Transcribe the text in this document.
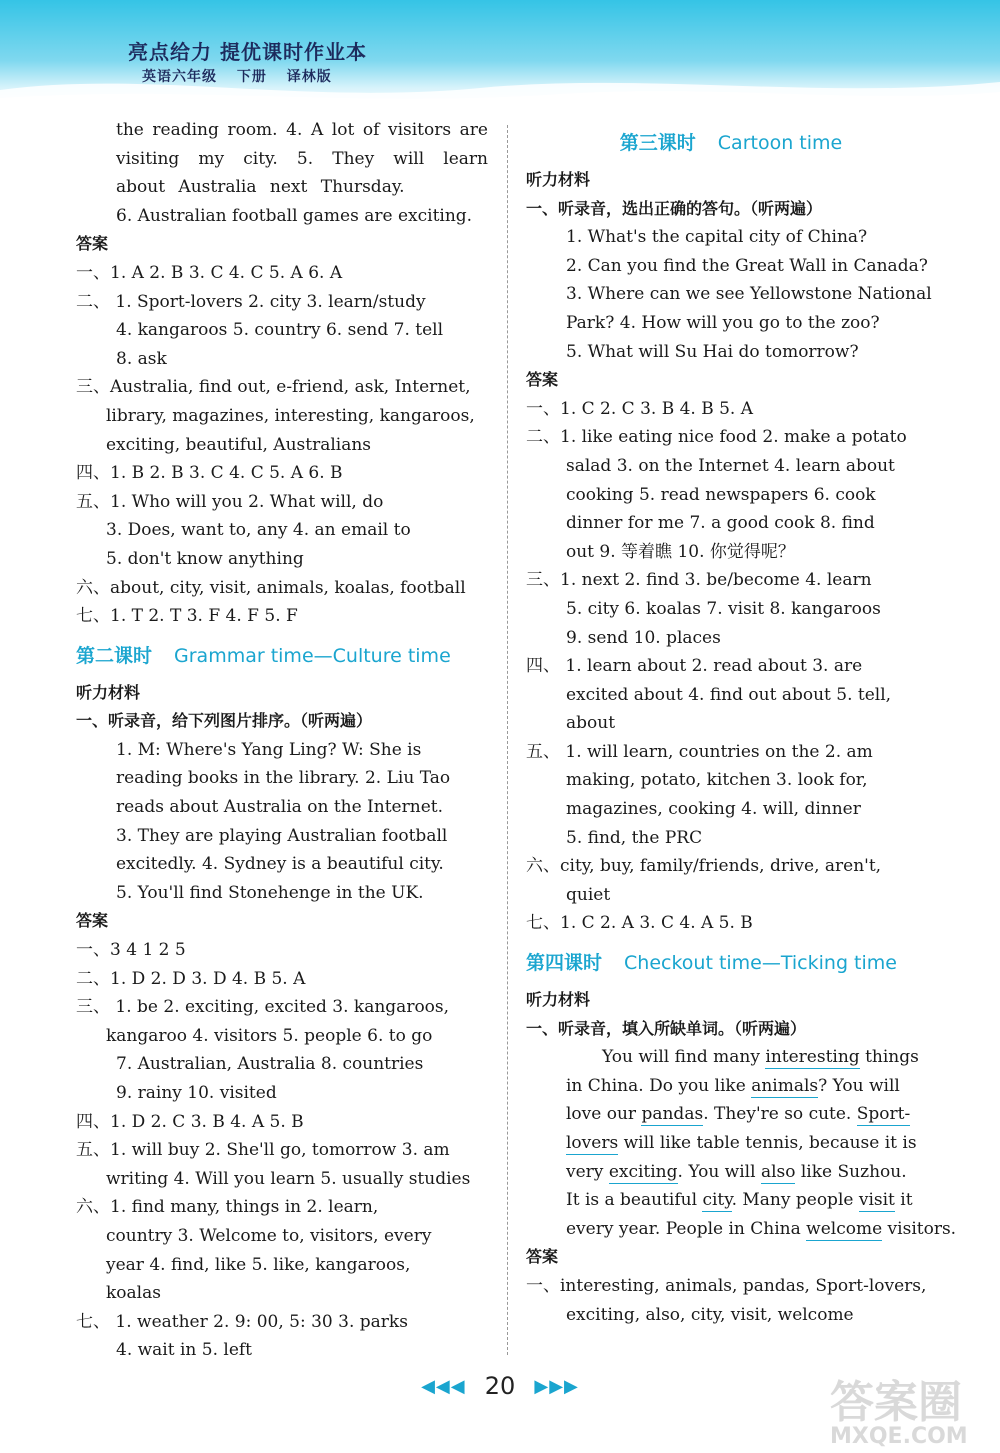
亮点给力 提优课时作业本
英语六年级 下册 译林版

the reading room. 4. A lot of visitors are

visiting my city. 5. They will learn

about Australia next Thursday.

6. Australian football games are exciting.

答案

一、1. A 2. B 3. C 4. C 5. A 6. A

二、 1. Sport-lovers 2. city 3. learn/study

4. kangaroos 5. country 6. send 7. tell

8. ask

三、Australia, find out, e-friend, ask, Internet,

library, magazines, interesting, kangaroos,

exciting, beautiful, Australians

四、1. B 2. B 3. C 4. C 5. A 6. B

五、1. Who will you 2. What will, do

3. Does, want to, any 4. an email to

5. don't know anything

六、about, city, visit, animals, koalas, football

七、1. T 2. T 3. F 4. F 5. F

第二课时 Grammar time—Culture time

听力材料

一、听录音，给下列图片排序。（听两遍）

1. M: Where's Yang Ling? W: She is

reading books in the library. 2. Liu Tao

reads about Australia on the Internet.

3. They are playing Australian football

excitedly. 4. Sydney is a beautiful city.

5. You'll find Stonehenge in the UK.

答案

一、3 4 1 2 5

二、1. D 2. D 3. D 4. B 5. A

三、 1. be 2. exciting, excited 3. kangaroos,

kangaroo 4. visitors 5. people 6. to go

7. Australian, Australia 8. countries

9. rainy 10. visited

四、1. D 2. C 3. B 4. A 5. B

五、1. will buy 2. She'll go, tomorrow 3. am

writing 4. Will you learn 5. usually studies

六、1. find many, things in 2. learn,

country 3. Welcome to, visitors, every

year 4. find, like 5. like, kangaroos,

koalas

七、 1. weather 2. 9: 00, 5: 30 3. parks

4. wait in 5. left

第三课时 Cartoon time

听力材料

一、听录音，选出正确的答句。（听两遍）

1. What's the capital city of China?

2. Can you find the Great Wall in Canada?

3. Where can we see Yellowstone National

Park? 4. How will you go to the zoo?

5. What will Su Hai do tomorrow?

答案

一、1. C 2. C 3. B 4. B 5. A

二、1. like eating nice food 2. make a potato

salad 3. on the Internet 4. learn about

cooking 5. read newspapers 6. cook

dinner for me 7. a good cook 8. find

out 9. 等着瞧 10. 你觉得呢？

三、1. next 2. find 3. be/become 4. learn

5. city 6. koalas 7. visit 8. kangaroos

9. send 10. places

四、 1. learn about 2. read about 3. are

excited about 4. find out about 5. tell,

about

五、 1. will learn, countries on the 2. am

making, potato, kitchen 3. look for,

magazines, cooking 4. will, dinner

5. find, the PRC

六、city, buy, family/friends, drive, aren't,

quiet

七、1. C 2. A 3. C 4. A 5. B

第四课时 Checkout time—Ticking time

听力材料

一、听录音，填入所缺单词。（听两遍）

You will find many interesting things

in China. Do you like animals? You will

love our pandas. They're so cute. Sport-

lovers will like table tennis, because it is

very exciting. You will also like Suzhou.

It is a beautiful city. Many people visit it

every year. People in China welcome visitors.

答案

一、interesting, animals, pandas, Sport-lovers,

exciting, also, city, visit, welcome

◀◀◀ 20 ▶▶▶	答案圈
MXQE.COM
